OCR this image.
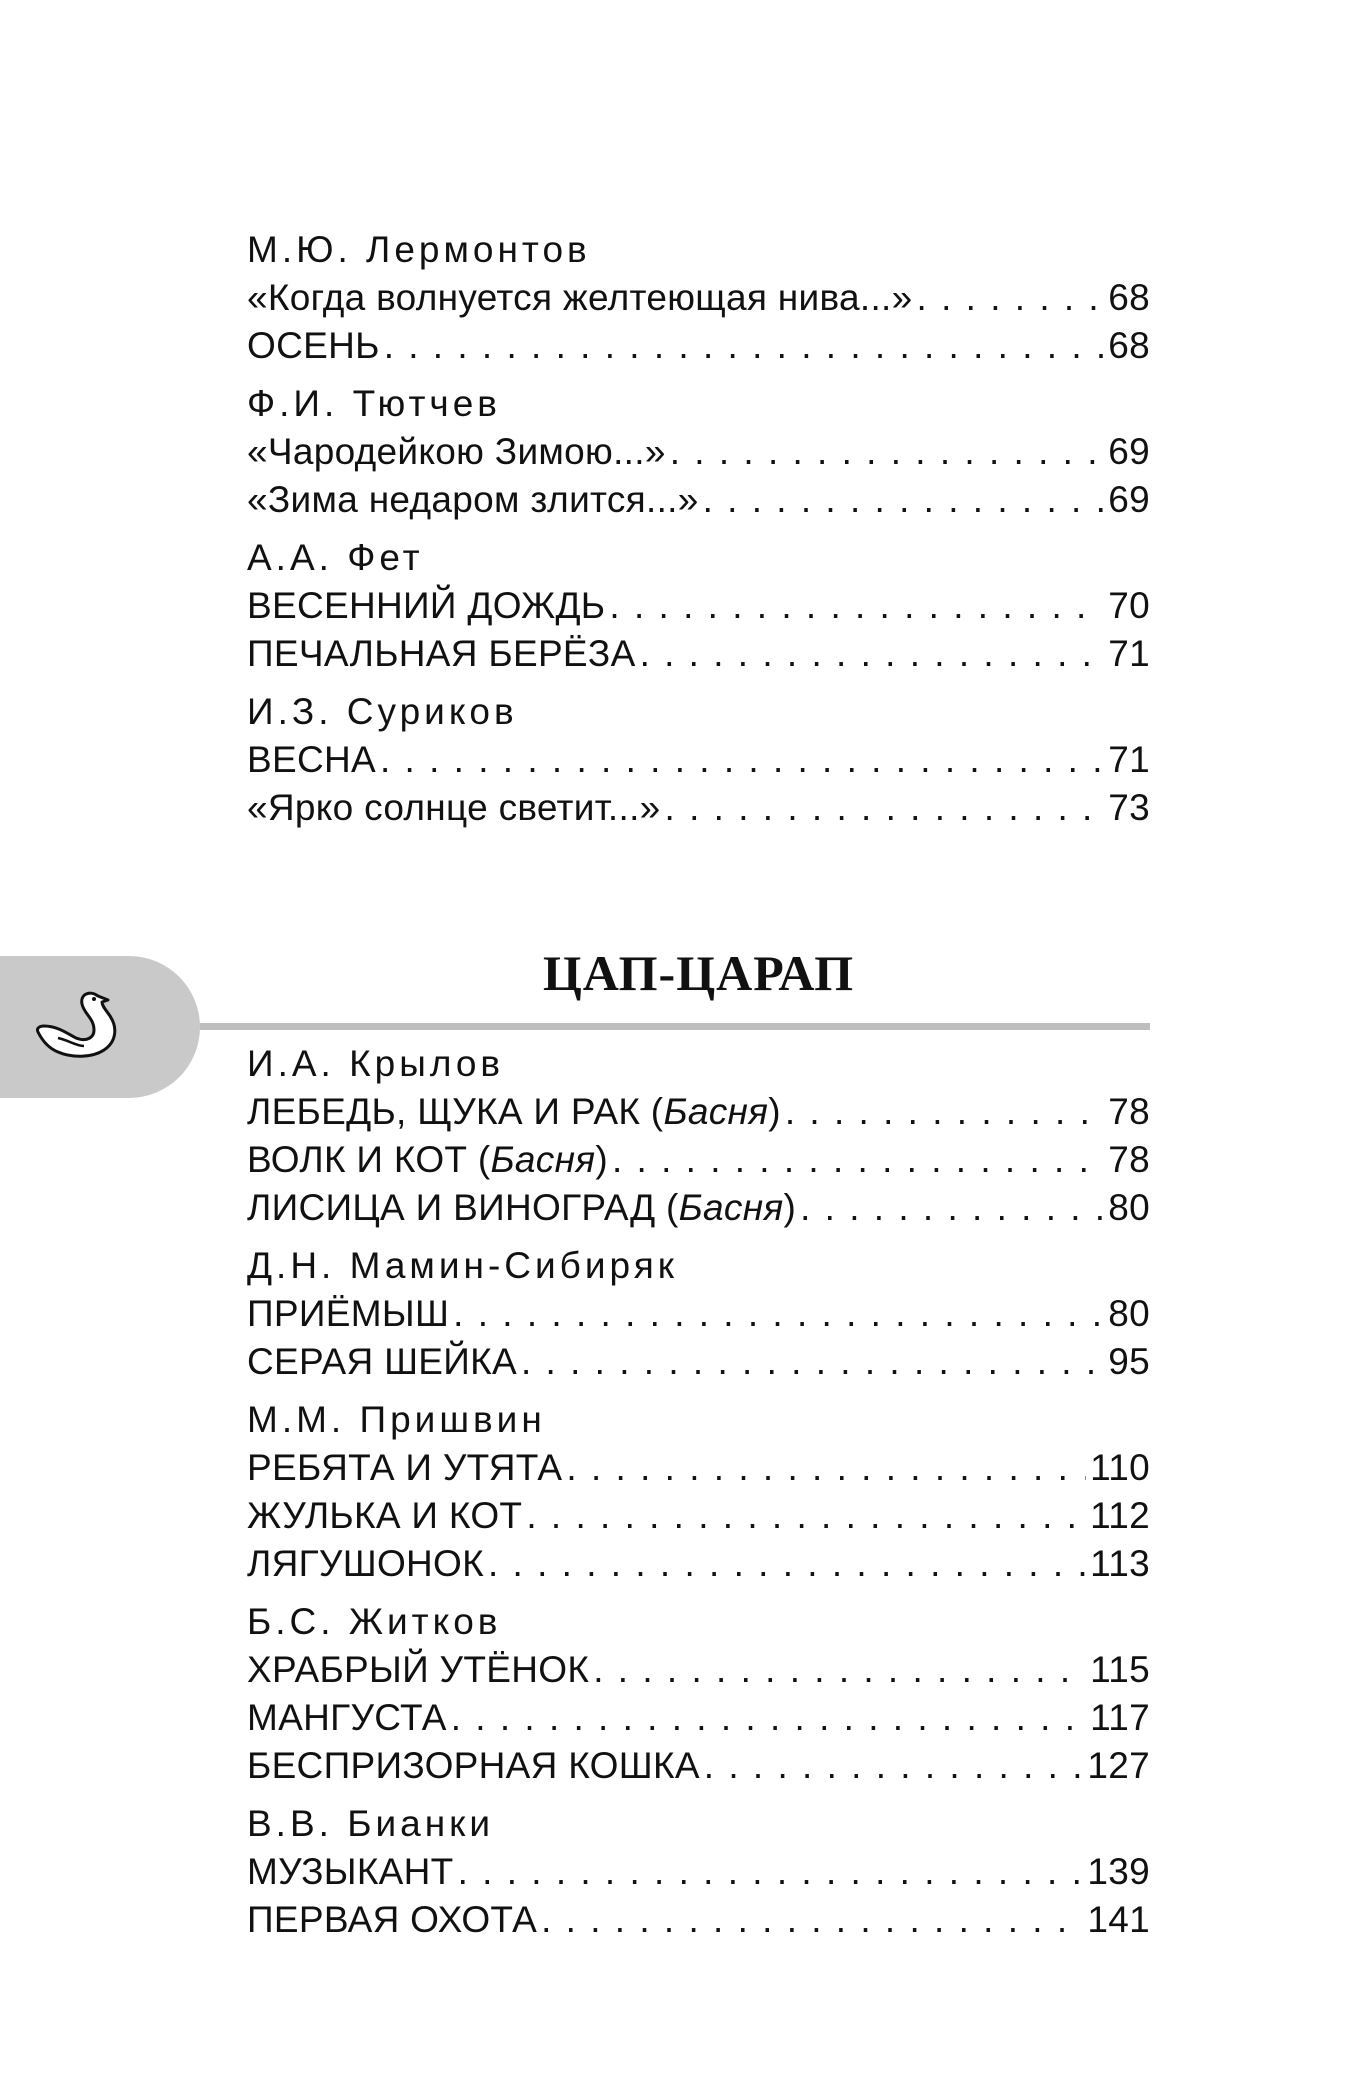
М.Ю. Лермонтов
«Когда волнуется желтеющая нива...» . . .	68
ОСЕНЬ . . .	68
Ф.И. Тютчев
«Чародейкою Зимою...» . . .	69
«Зима недаром злится...» . . .	69
А.А. Фет
ВЕСЕННИЙ ДОЖДЬ . . .	70
ПЕЧАЛЬНАЯ БЕРЁЗА . . .	71
И.З. Суриков
ВЕСНА . . .	71
«Ярко солнце светит...» . . .	73
ЦАП-ЦАРАП
И.А. Крылов
ЛЕБЕДЬ, ЩУКА И РАК (Басня) . . .	78
ВОЛК И КОТ (Басня) . . .	78
ЛИСИЦА И ВИНОГРАД (Басня) . . .	80
Д.Н. Мамин-Сибиряк
ПРИЁМЫШ . . .	80
СЕРАЯ ШЕЙКА . . .	95
М.М. Пришвин
РЕБЯТА И УТЯТА . . .	110
ЖУЛЬКА И КОТ . . .	112
ЛЯГУШОНОК . . .	113
Б.С. Житков
ХРАБРЫЙ УТЁНОК . . .	115
МАНГУСТА . . .	117
БЕСПРИЗОРНАЯ КОШКА . . .	127
В.В. Бианки
МУЗЫКАНТ . . .	139
ПЕРВАЯ ОХОТА . . .	141
